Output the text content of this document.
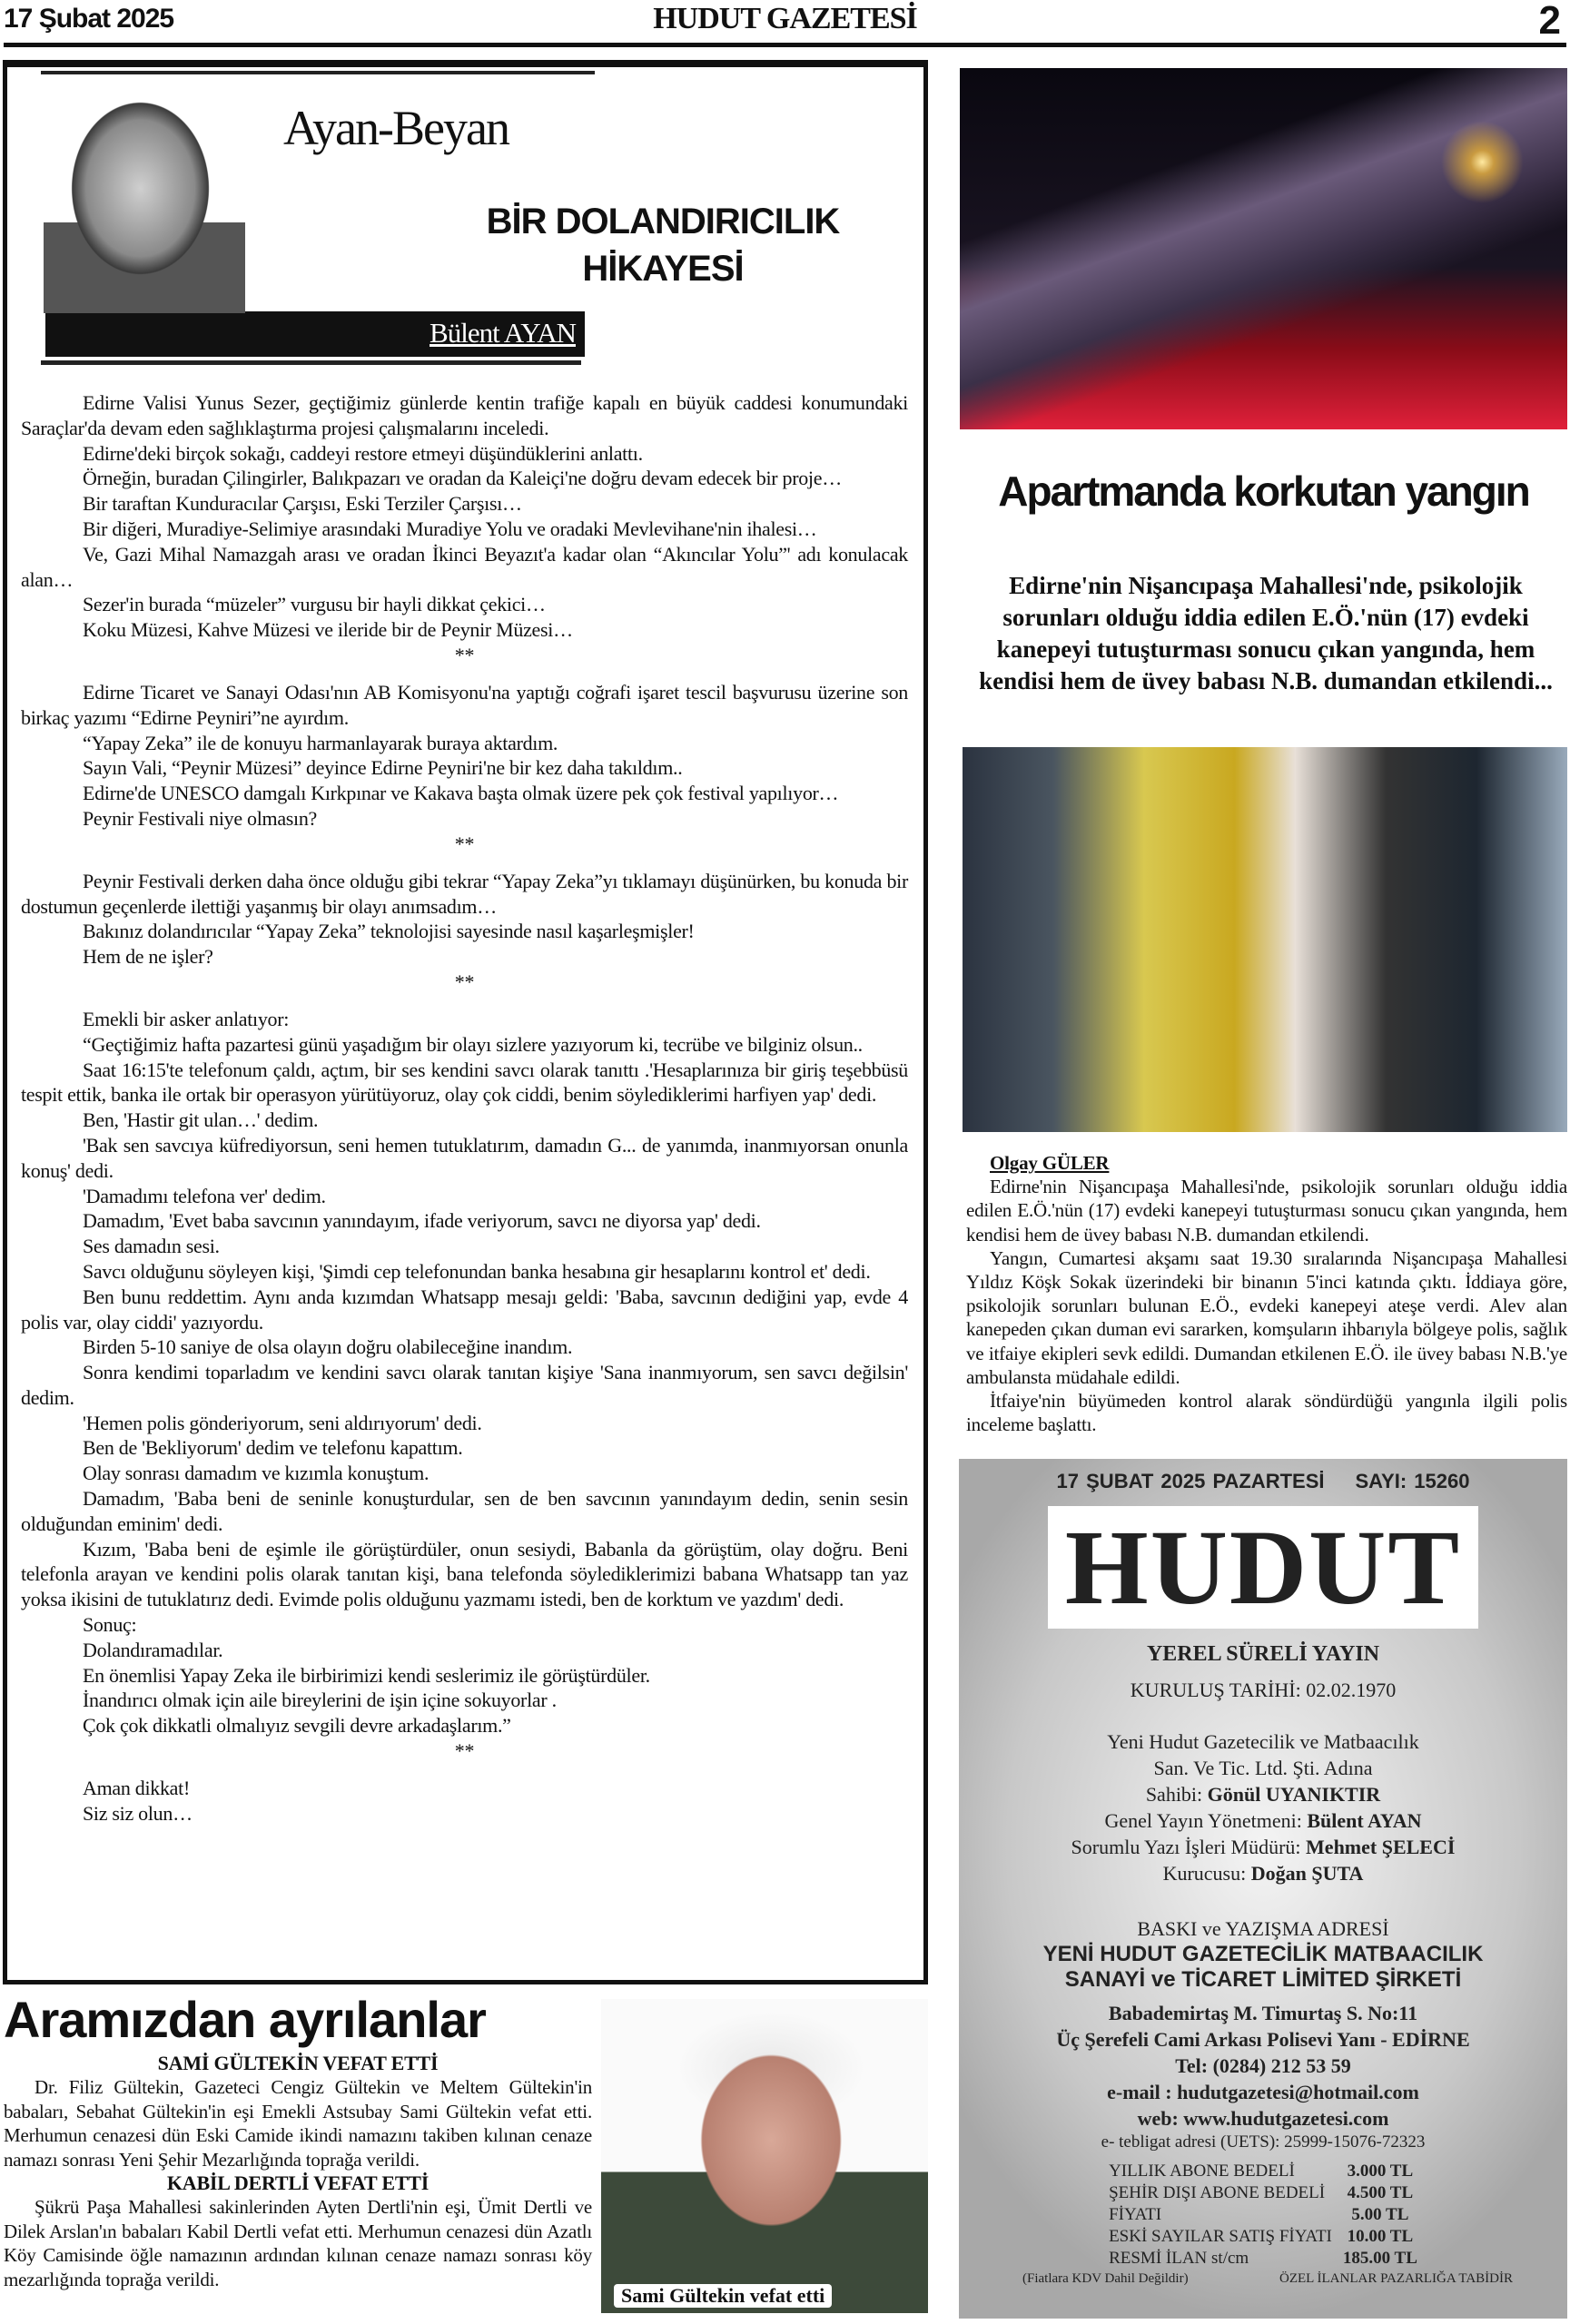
17 Şubat 2025	HUDUT GAZETESİ	2
Bülent AYAN
Ayan-Beyan
BİR DOLANDIRICILIK
HİKAYESİ

Edirne Valisi Yunus Sezer, geçtiğimiz günlerde kentin trafiğe kapalı en büyük caddesi konumundaki Saraçlar'da devam eden sağlıklaştırma projesi çalışmalarını inceledi.

Edirne'deki birçok sokağı, caddeyi restore etmeyi düşündüklerini anlattı.

Örneğin, buradan Çilingirler, Balıkpazarı ve oradan da Kaleiçi'ne doğru devam edecek bir proje…

Bir taraftan Kunduracılar Çarşısı, Eski Terziler Çarşısı…

Bir diğeri, Muradiye-Selimiye arasındaki Muradiye Yolu ve oradaki Mevlevihane'nin ihalesi…

Ve, Gazi Mihal Namazgah arası ve oradan İkinci Beyazıt'a kadar olan “Akıncılar Yolu”' adı konulacak alan…

Sezer'in burada “müzeler” vurgusu bir hayli dikkat çekici…

Koku Müzesi, Kahve Müzesi ve ileride bir de Peynir Müzesi…

**

Edirne Ticaret ve Sanayi Odası'nın AB Komisyonu'na yaptığı coğrafi işaret tescil başvurusu üzerine son birkaç yazımı “Edirne Peyniri”ne ayırdım.

“Yapay Zeka” ile de konuyu harmanlayarak buraya aktardım.

Sayın Vali, “Peynir Müzesi” deyince Edirne Peyniri'ne bir kez daha takıldım..

Edirne'de UNESCO damgalı Kırkpınar ve Kakava başta olmak üzere pek çok festival yapılıyor…

Peynir Festivali niye olmasın?

**

Peynir Festivali derken daha önce olduğu gibi tekrar “Yapay Zeka”yı tıklamayı düşünürken, bu konuda bir dostumun geçenlerde ilettiği yaşanmış bir olayı anımsadım…

Bakınız dolandırıcılar “Yapay Zeka” teknolojisi sayesinde nasıl kaşarleşmişler!

Hem de ne işler?

**

Emekli bir asker anlatıyor:

“Geçtiğimiz hafta pazartesi günü yaşadığım bir olayı sizlere yazıyorum ki, tecrübe ve bilginiz olsun..

Saat 16:15'te telefonum çaldı, açtım, bir ses kendini savcı olarak tanıttı .'Hesaplarınıza bir giriş teşebbüsü tespit ettik, banka ile ortak bir operasyon yürütüyoruz, olay çok ciddi, benim söylediklerimi harfiyen yap' dedi.

Ben, 'Hastir git ulan…' dedim.

'Bak sen savcıya küfrediyorsun, seni hemen tutuklatırım, damadın G... de yanımda, inanmıyorsan onunla konuş' dedi.

'Damadımı telefona ver' dedim.

Damadım, 'Evet baba savcının yanındayım, ifade veriyorum, savcı ne diyorsa yap' dedi.

Ses damadın sesi.

Savcı olduğunu söyleyen kişi, 'Şimdi cep telefonundan banka hesabına gir hesaplarını kontrol et' dedi.

Ben bunu reddettim. Aynı anda kızımdan Whatsapp mesajı geldi: 'Baba, savcının dediğini yap, evde 4 polis var, olay ciddi' yazıyordu.

Birden 5-10 saniye de olsa olayın doğru olabileceğine inandım.

Sonra kendimi toparladım ve kendini savcı olarak tanıtan kişiye 'Sana inanmıyorum, sen savcı değilsin' dedim.

'Hemen polis gönderiyorum, seni aldırıyorum' dedi.

Ben de 'Bekliyorum' dedim ve telefonu kapattım.

Olay sonrası damadım ve kızımla konuştum.

Damadım, 'Baba beni de seninle konuşturdular, sen de ben savcının yanındayım dedin, senin sesin olduğundan eminim' dedi.

Kızım, 'Baba beni de eşimle ile görüştürdüler, onun sesiydi, Babanla da görüştüm, olay doğru. Beni telefonla arayan ve kendini polis olarak tanıtan kişi, bana telefonda söylediklerimizi babana Whatsapp tan yaz yoksa ikisini de tutuklatırız dedi. Evimde polis olduğunu yazmamı istedi, ben de korktum ve yazdım' dedi.

Sonuç:

Dolandıramadılar.

En önemlisi Yapay Zeka ile birbirimizi kendi seslerimiz ile görüştürdüler.

İnandırıcı olmak için aile bireylerini de işin içine sokuyorlar .

Çok çok dikkatli olmalıyız sevgili devre arkadaşlarım.”

**

Aman dikkat!

Siz siz olun…

Apartmanda korkutan yangın
Edirne'nin Nişancıpaşa Mahallesi'nde, psikolojik sorunları olduğu iddia edilen E.Ö.'nün (17) evdeki kanepeyi tutuşturması sonucu çıkan yangında, hem kendisi hem de üvey babası N.B. dumandan etkilendi...

Olgay GÜLER

Edirne'nin Nişancıpaşa Mahallesi'nde, psikolojik sorunları olduğu iddia edilen E.Ö.'nün (17) evdeki kanepeyi tutuşturması sonucu çıkan yangında, hem kendisi hem de üvey babası N.B. dumandan etkilendi.

Yangın, Cumartesi akşamı saat 19.30 sıralarında Nişancıpaşa Mahallesi Yıldız Köşk Sokak üzerindeki bir binanın 5'inci katında çıktı. İddiaya göre, psikolojik sorunları bulunan E.Ö., evdeki kanepeyi ateşe verdi. Alev alan kanepeden çıkan duman evi sararken, komşuların ihbarıyla bölgeye polis, sağlık ve itfaiye ekipleri sevk edildi. Dumandan etkilenen E.Ö. ile üvey babası N.B.'ye ambulansta müdahale edildi.

İtfaiye'nin büyümeden kontrol alarak söndürdüğü yangınla ilgili polis inceleme başlattı.

17 ŞUBAT 2025 PAZARTESİ SAYI: 15260
HUDUT
YEREL SÜRELİ YAYIN
KURULUŞ TARİHİ: 02.02.1970
Yeni Hudut Gazetecilik ve Matbaacılık
San. Ve Tic. Ltd. Şti. Adına
Sahibi: Gönül UYANIKTIR
Genel Yayın Yönetmeni: Bülent AYAN
Sorumlu Yazı İşleri Müdürü: Mehmet ŞELECİ
Kurucusu: Doğan ŞUTA
BASKI ve YAZIŞMA ADRESİ
YENİ HUDUT GAZETECİLİK MATBAACILIK
SANAYİ ve TİCARET LİMİTED ŞİRKETİ
Babademirtaş M. Timurtaş S. No:11
Üç Şerefeli Cami Arkası Polisevi Yanı - EDİRNE
Tel: (0284) 212 53 59
e-mail : hudutgazetesi@hotmail.com
web: www.hudutgazetesi.com
e- tebligat adresi (UETS): 25999-15076-72323
YILLIK ABONE BEDELİ	3.000 TL
ŞEHİR DIŞI ABONE BEDELİ	4.500 TL
FİYATI	5.00 TL
ESKİ SAYILAR SATIŞ FİYATI	10.00 TL
RESMİ İLAN st/cm	185.00 TL
(Fiatlara KDV Dahil Değildir)	ÖZEL İLANLAR PAZARLIĞA TABİDİR
Aramızdan ayrılanlar
SAMİ GÜLTEKİN VEFAT ETTİ

Dr. Filiz Gültekin, Gazeteci Cengiz Gültekin ve Meltem Gültekin'in babaları, Sebahat Gültekin'in eşi Emekli Astsubay Sami Gültekin vefat etti. Merhumun cenazesi dün Eski Camide ikindi namazını takiben kılınan cenaze namazı sonrası Yeni Şehir Mezarlığında toprağa verildi.

KABİL DERTLİ VEFAT ETTİ

Şükrü Paşa Mahallesi sakinlerinden Ayten Dertli'nin eşi, Ümit Dertli ve Dilek Arslan'ın babaları Kabil Dertli vefat etti. Merhumun cenazesi dün Azatlı Köy Camisinde öğle namazının ardından kılınan cenaze namazı sonrası köy mezarlığında toprağa verildi.

Sami Gültekin vefat etti
